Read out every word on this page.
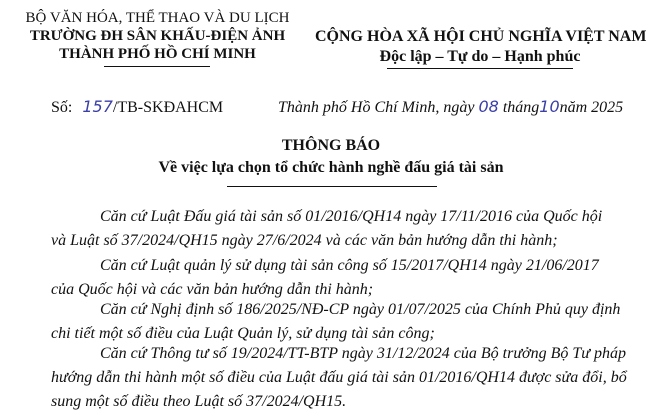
BỘ VĂN HÓA, THỂ THAO VÀ DU LỊCH
TRƯỜNG ĐH SÂN KHẤU-ĐIỆN ẢNH
THÀNH PHỐ HỒ CHÍ MINH
Số: 157/TB-SKĐAHCM
CỘNG HÒA XÃ HỘI CHỦ NGHĨA VIỆT NAM
Độc lập – Tự do – Hạnh phúc
Thành phố Hồ Chí Minh, ngày 08 tháng10năm 2025
THÔNG BÁO
Về việc lựa chọn tổ chức hành nghề đấu giá tài sản
Căn cứ Luật Đấu giá tài sản số 01/2016/QH14 ngày 17/11/2016 của Quốc hội
và Luật số 37/2024/QH15 ngày 27/6/2024 và các văn bản hướng dẫn thi hành;
Căn cứ Luật quản lý sử dụng tài sản công số 15/2017/QH14 ngày 21/06/2017
của Quốc hội và các văn bản hướng dẫn thi hành;
Căn cứ Nghị định số 186/2025/NĐ-CP ngày 01/07/2025 của Chính Phủ quy định
chi tiết một số điều của Luật Quản lý, sử dụng tài sản công;
Căn cứ Thông tư số 19/2024/TT-BTP ngày 31/12/2024 của Bộ trưởng Bộ Tư pháp
hướng dẫn thi hành một số điều của Luật đấu giá tài sản 01/2016/QH14 được sửa đổi, bổ
sung một số điều theo Luật số 37/2024/QH15.
